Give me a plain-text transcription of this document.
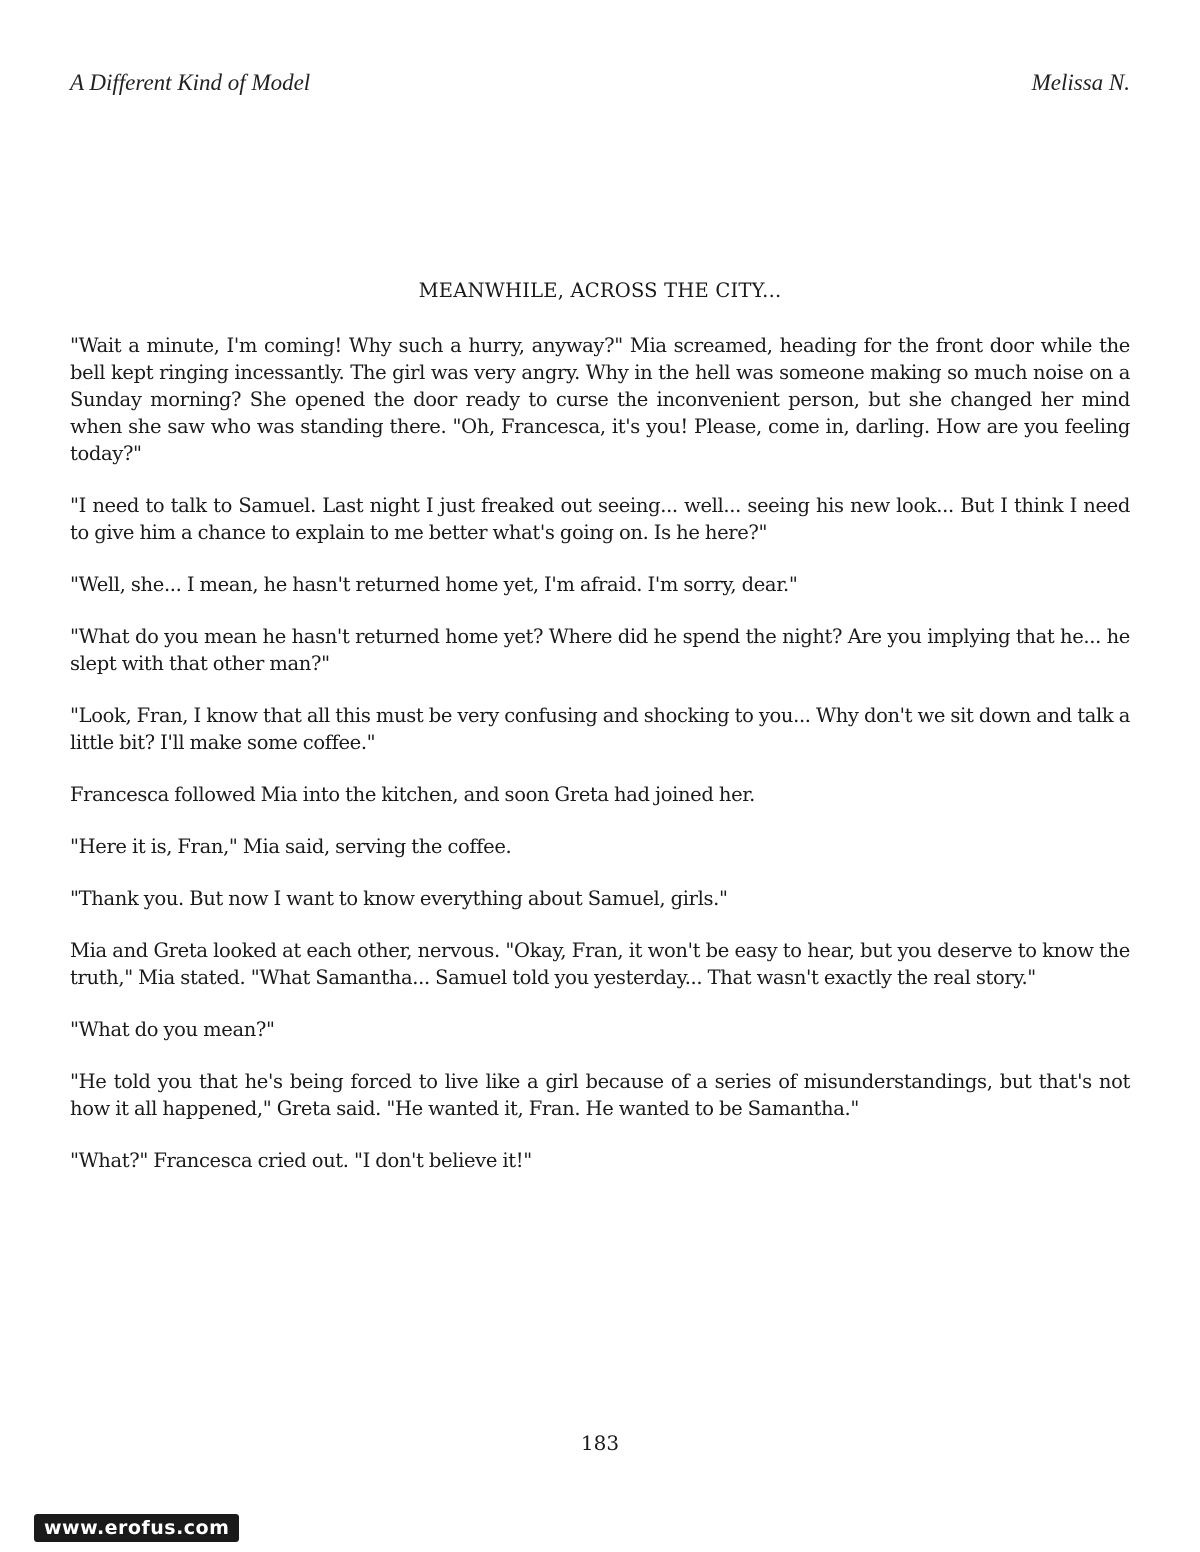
A Different Kind of Model	Melissa N.
MEANWHILE, ACROSS THE CITY...

"Wait a minute, I'm coming! Why such a hurry, anyway?" Mia screamed, heading for the front door while the bell kept ringing incessantly. The girl was very angry. Why in the hell was someone making so much noise on a Sunday morning? She opened the door ready to curse the inconvenient person, but she changed her mind when she saw who was standing there. "Oh, Francesca, it's you! Please, come in, darling. How are you feeling today?"

"I need to talk to Samuel. Last night I just freaked out seeing... well... seeing his new look... But I think I need to give him a chance to explain to me better what's going on. Is he here?"

"Well, she... I mean, he hasn't returned home yet, I'm afraid. I'm sorry, dear."

"What do you mean he hasn't returned home yet? Where did he spend the night? Are you implying that he... he slept with that other man?"

"Look, Fran, I know that all this must be very confusing and shocking to you... Why don't we sit down and talk a little bit? I'll make some coffee."

Francesca followed Mia into the kitchen, and soon Greta had joined her.

"Here it is, Fran," Mia said, serving the coffee.

"Thank you. But now I want to know everything about Samuel, girls."

Mia and Greta looked at each other, nervous. "Okay, Fran, it won't be easy to hear, but you deserve to know the truth," Mia stated. "What Samantha... Samuel told you yesterday... That wasn't exactly the real story."

"What do you mean?"

"He told you that he's being forced to live like a girl because of a series of misunderstandings, but that's not how it all happened," Greta said. "He wanted it, Fran. He wanted to be Samantha."

"What?" Francesca cried out. "I don't believe it!"

183
www.erofus.com
